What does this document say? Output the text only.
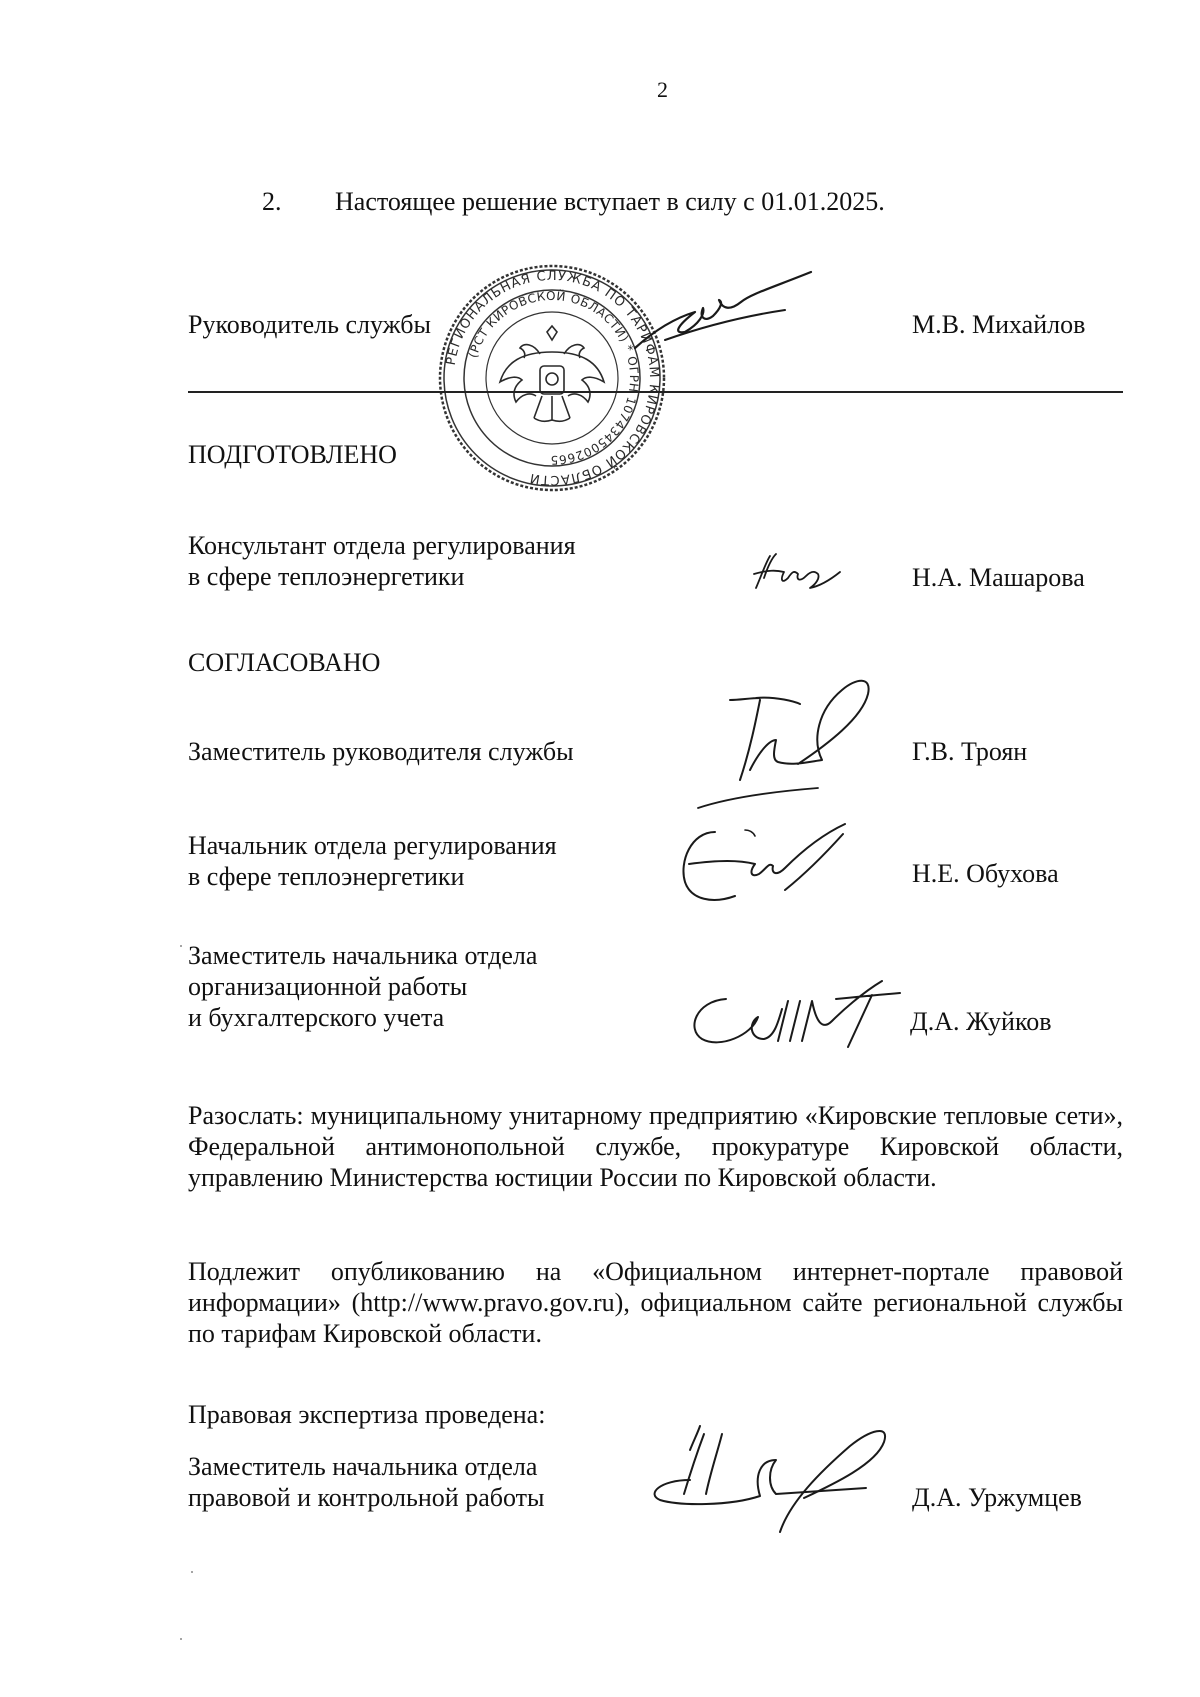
2
2. Настоящее решение вступает в силу с 01.01.2025.
Руководитель службы	М.В. Михайлов
РЕГИОНАЛЬНАЯ СЛУЖБА ПО ТАРИФАМ КИРОВСКОЙ ОБЛАСТИ
(РСТ КИРОВСКОЙ ОБЛАСТИ) * ОГРН 1074345002665
ПОДГОТОВЛЕНО
Консультант отдела регулирования
в сфере теплоэнергетики	Н.А. Машарова
СОГЛАСОВАНО
Заместитель руководителя службы	Г.В. Троян
Начальник отдела регулирования
в сфере теплоэнергетики	Н.Е. Обухова
Заместитель начальника отдела
организационной работы
и бухгалтерского учета	Д.А. Жуйков
Разослать: муниципальному унитарному предприятию «Кировские тепловые сети», Федеральной антимонопольной службе, прокуратуре Кировской области, управлению Министерства юстиции России по Кировской области.
Подлежит опубликованию на «Официальном интернет-портале правовой информации» (http://www.pravo.gov.ru), официальном сайте региональной службы по тарифам Кировской области.
Правовая экспертиза проведена:
Заместитель начальника отдела
правовой и контрольной работы	Д.А. Уржумцев
